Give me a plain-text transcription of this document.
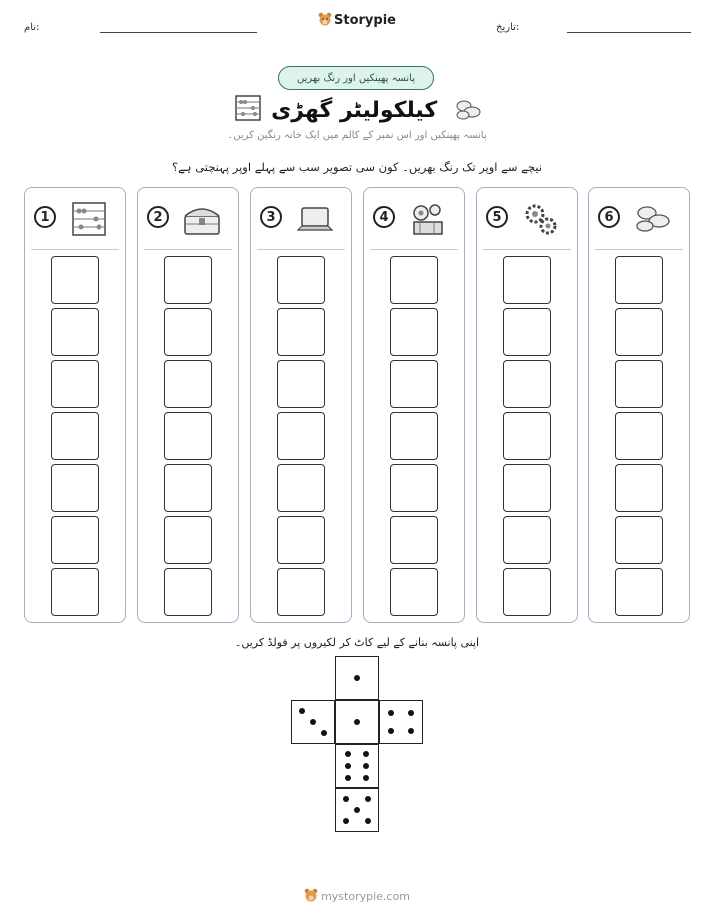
نام:	Storypie	تاریخ:
پانسہ پھینکیں اور رنگ بھریں
کیلکولیٹر گھڑی
پانسہ پھینکیں اور اس نمبر کے کالم میں ایک خانہ رنگین کریں۔
نیچے سے اوپر تک رنگ بھریں۔ کون سی تصویر سب سے پہلے اوپر پہنچتی ہے؟
1	2	3	4	5	6
اپنی پانسہ بنانے کے لیے کاٹ کر لکیروں پر فولڈ کریں۔
mystorypie.com
